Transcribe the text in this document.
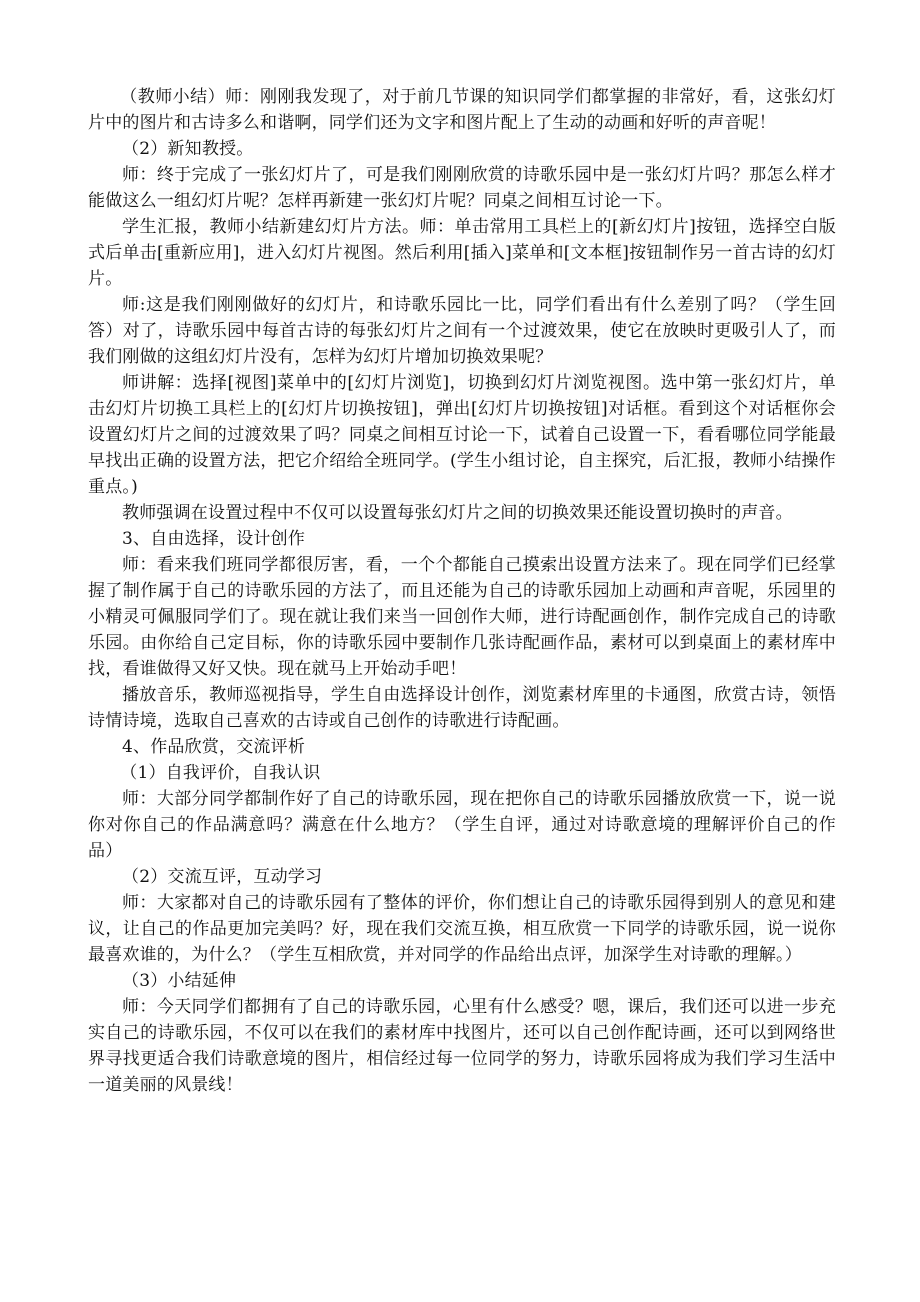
（教师小结）师：刚刚我发现了，对于前几节课的知识同学们都掌握的非常好，看，这张幻灯片中的图片和古诗多么和谐啊，同学们还为文字和图片配上了生动的动画和好听的声音呢！

（2）新知教授。

师：终于完成了一张幻灯片了，可是我们刚刚欣赏的诗歌乐园中是一张幻灯片吗？那怎么样才能做这么一组幻灯片呢？怎样再新建一张幻灯片呢？同桌之间相互讨论一下。

学生汇报，教师小结新建幻灯片方法。师：单击常用工具栏上的[新幻灯片]按钮，选择空白版式后单击[重新应用]，进入幻灯片视图。然后利用[插入]菜单和[文本框]按钮制作另一首古诗的幻灯片。

师:这是我们刚刚做好的幻灯片，和诗歌乐园比一比，同学们看出有什么差别了吗？（学生回答）对了，诗歌乐园中每首古诗的每张幻灯片之间有一个过渡效果，使它在放映时更吸引人了，而我们刚做的这组幻灯片没有，怎样为幻灯片增加切换效果呢？

师讲解：选择[视图]菜单中的[幻灯片浏览]，切换到幻灯片浏览视图。选中第一张幻灯片，单击幻灯片切换工具栏上的[幻灯片切换按钮]，弹出[幻灯片切换按钮]对话框。看到这个对话框你会设置幻灯片之间的过渡效果了吗？同桌之间相互讨论一下，试着自己设置一下，看看哪位同学能最早找出正确的设置方法，把它介绍给全班同学。(学生小组讨论，自主探究，后汇报，教师小结操作重点。)

教师强调在设置过程中不仅可以设置每张幻灯片之间的切换效果还能设置切换时的声音。

3、自由选择，设计创作

师：看来我们班同学都很厉害，看，一个个都能自己摸索出设置方法来了。现在同学们已经掌握了制作属于自己的诗歌乐园的方法了，而且还能为自己的诗歌乐园加上动画和声音呢，乐园里的小精灵可佩服同学们了。现在就让我们来当一回创作大师，进行诗配画创作，制作完成自己的诗歌乐园。由你给自己定目标，你的诗歌乐园中要制作几张诗配画作品，素材可以到桌面上的素材库中找，看谁做得又好又快。现在就马上开始动手吧！

播放音乐，教师巡视指导，学生自由选择设计创作，浏览素材库里的卡通图，欣赏古诗，领悟诗情诗境，选取自己喜欢的古诗或自己创作的诗歌进行诗配画。

4、作品欣赏，交流评析

（1）自我评价，自我认识

师：大部分同学都制作好了自己的诗歌乐园，现在把你自己的诗歌乐园播放欣赏一下，说一说你对你自己的作品满意吗？满意在什么地方？（学生自评，通过对诗歌意境的理解评价自己的作品）

（2）交流互评，互动学习

师：大家都对自己的诗歌乐园有了整体的评价，你们想让自己的诗歌乐园得到别人的意见和建议，让自己的作品更加完美吗？好，现在我们交流互换，相互欣赏一下同学的诗歌乐园，说一说你最喜欢谁的，为什么？（学生互相欣赏，并对同学的作品给出点评，加深学生对诗歌的理解。）

（3）小结延伸

师：今天同学们都拥有了自己的诗歌乐园，心里有什么感受？嗯，课后，我们还可以进一步充实自己的诗歌乐园，不仅可以在我们的素材库中找图片，还可以自己创作配诗画，还可以到网络世界寻找更适合我们诗歌意境的图片，相信经过每一位同学的努力，诗歌乐园将成为我们学习生活中一道美丽的风景线！
